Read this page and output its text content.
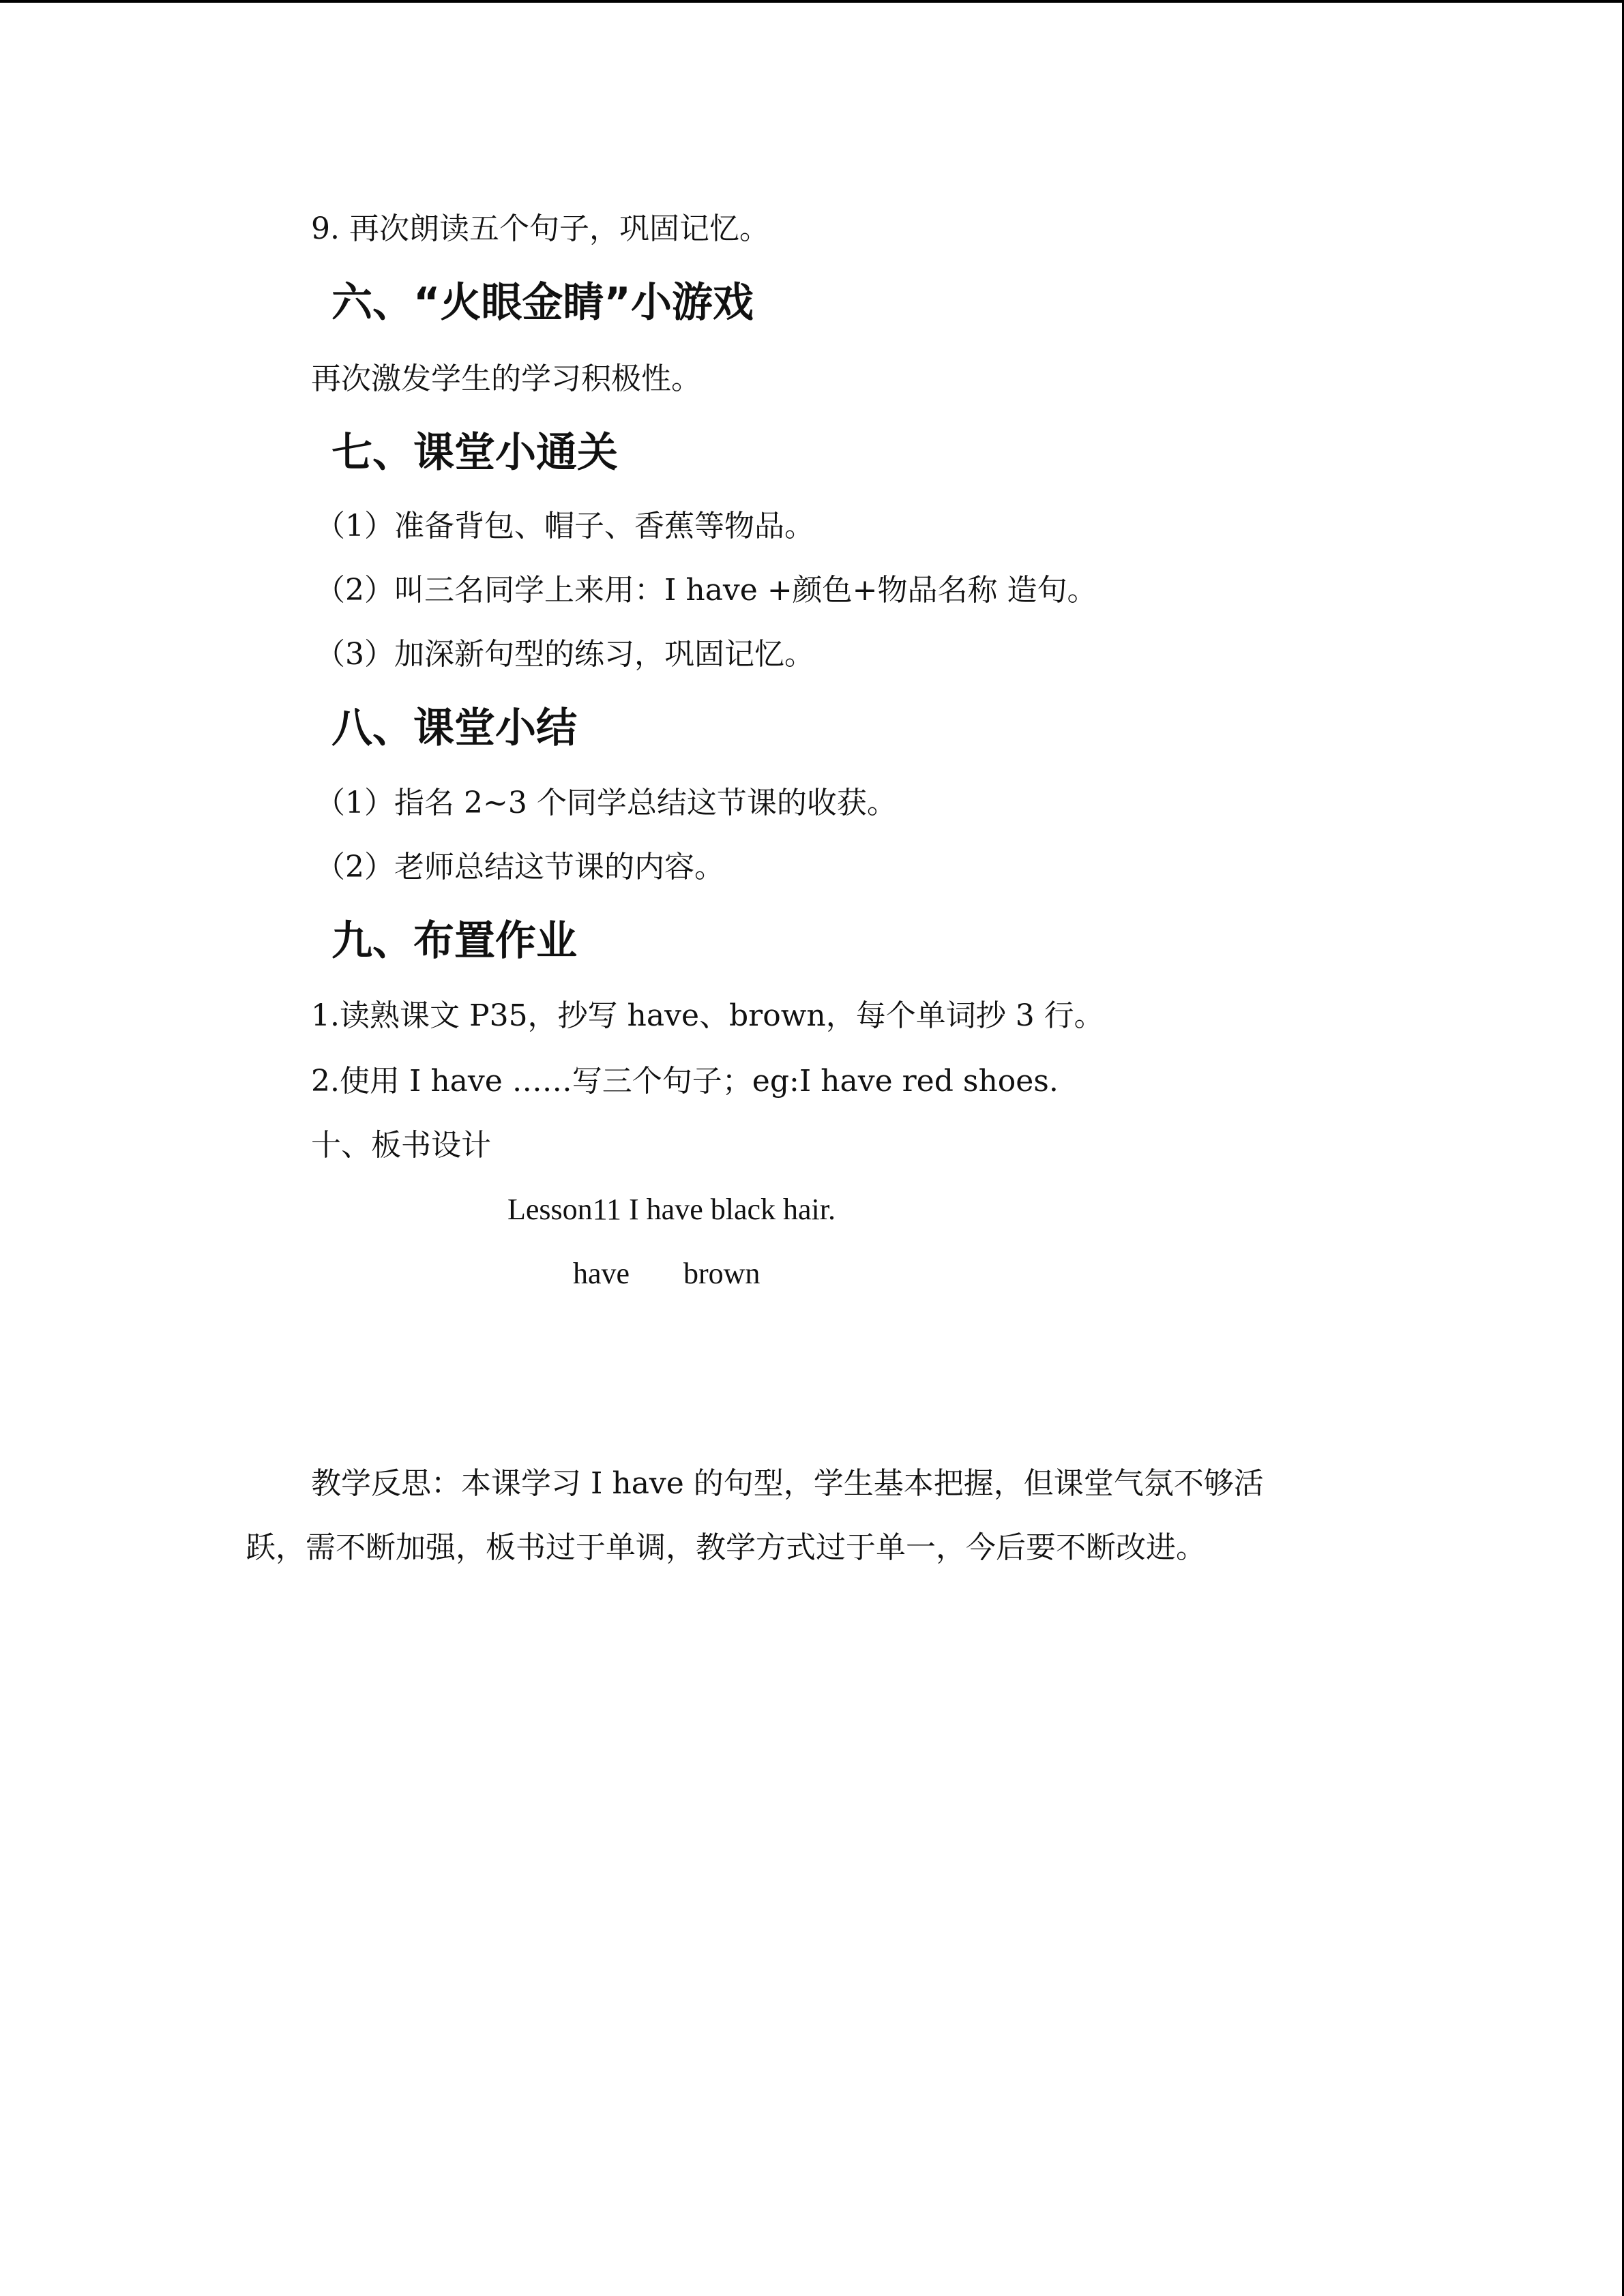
9. 再次朗读五个句子，巩固记忆。
六、“火眼金睛”小游戏
再次激发学生的学习积极性。
七、课堂小通关
（1）准备背包、帽子、香蕉等物品。
（2）叫三名同学上来用：I have +颜色+物品名称 造句。
（3）加深新句型的练习，巩固记忆。
八、课堂小结
（1）指名 2~3 个同学总结这节课的收获。
（2）老师总结这节课的内容。
九、布置作业
1.读熟课文 P35，抄写 have、brown，每个单词抄 3 行。
2.使用 I have ……写三个句子；eg:I have red shoes.
十、板书设计
Lesson11 I have black hair.
have brown
教学反思：本课学习 I have 的句型，学生基本把握，但课堂气氛不够活
跃，需不断加强，板书过于单调，教学方式过于单一，今后要不断改进。
